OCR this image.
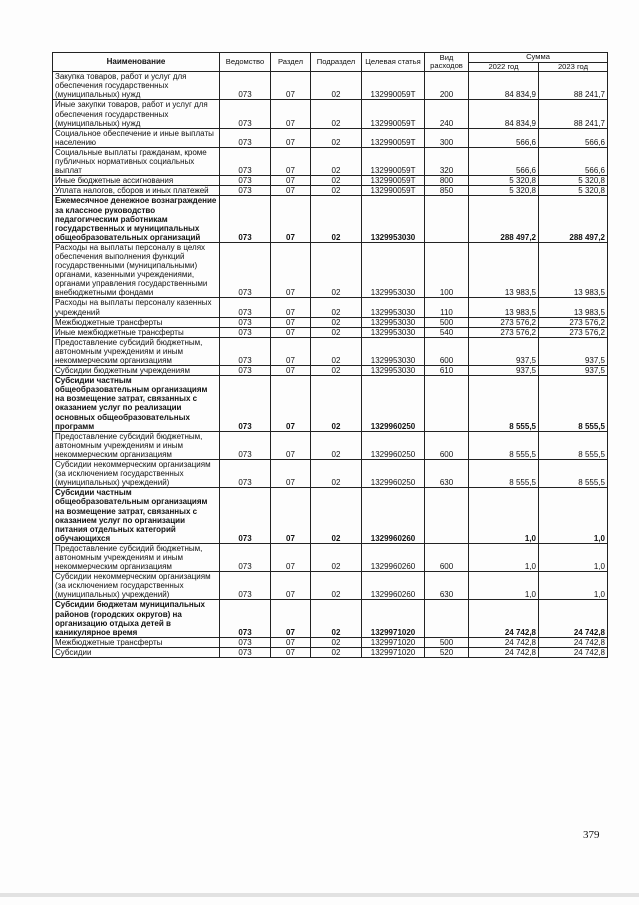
Наименование	Ведомство	Раздел	Подраздел	Целевая статья	Вид расходов	Сумма	
						2022 год	2023 год
Закупка товаров, работ и услуг для обеспечения государственных (муниципальных) нужд	073	07	02	132990059Т	200	84 834,9	88 241,7
Иные закупки товаров, работ и услуг для обеспечения государственных (муниципальных) нужд	073	07	02	132990059Т	240	84 834,9	88 241,7
Социальное обеспечение и иные выплаты населению	073	07	02	132990059Т	300	566,6	566,6
Социальные выплаты гражданам, кроме публичных нормативных социальных выплат	073	07	02	132990059Т	320	566,6	566,6
Иные бюджетные ассигнования	073	07	02	132990059Т	800	5 320,8	5 320,8
Уплата налогов, сборов и иных платежей	073	07	02	132990059Т	850	5 320,8	5 320,8
Ежемесячное денежное вознаграждение за классное руководство педагогическим работникам государственных и муниципальных общеобразовательных организаций	073	07	02	1329953030		288 497,2	288 497,2
Расходы на выплаты персоналу в целях обеспечения выполнения функций государственными (муниципальными) органами, казенными учреждениями, органами управления государственными внебюджетными фондами	073	07	02	1329953030	100	13 983,5	13 983,5
Расходы на выплаты персоналу казенных учреждений	073	07	02	1329953030	110	13 983,5	13 983,5
Межбюджетные трансферты	073	07	02	1329953030	500	273 576,2	273 576,2
Иные межбюджетные трансферты	073	07	02	1329953030	540	273 576,2	273 576,2
Предоставление субсидий бюджетным, автономным учреждениям и иным некоммерческим организациям	073	07	02	1329953030	600	937,5	937,5
Субсидии бюджетным учреждениям	073	07	02	1329953030	610	937,5	937,5
Субсидии частным общеобразовательным организациям на возмещение затрат, связанных с оказанием услуг по реализации основных общеобразовательных программ	073	07	02	1329960250		8 555,5	8 555,5
Предоставление субсидий бюджетным, автономным учреждениям и иным некоммерческим организациям	073	07	02	1329960250	600	8 555,5	8 555,5
Субсидии некоммерческим организациям (за исключением государственных (муниципальных) учреждений)	073	07	02	1329960250	630	8 555,5	8 555,5
Субсидии частным общеобразовательным организациям на возмещение затрат, связанных с оказанием услуг по организации питания отдельных категорий обучающихся	073	07	02	1329960260		1,0	1,0
Предоставление субсидий бюджетным, автономным учреждениям и иным некоммерческим организациям	073	07	02	1329960260	600	1,0	1,0
Субсидии некоммерческим организациям (за исключением государственных (муниципальных) учреждений)	073	07	02	1329960260	630	1,0	1,0
Субсидии бюджетам муниципальных районов (городских округов) на организацию отдыха детей в каникулярное время	073	07	02	1329971020		24 742,8	24 742,8
Межбюджетные трансферты	073	07	02	1329971020	500	24 742,8	24 742,8
Субсидии	073	07	02	1329971020	520	24 742,8	24 742,8
379
